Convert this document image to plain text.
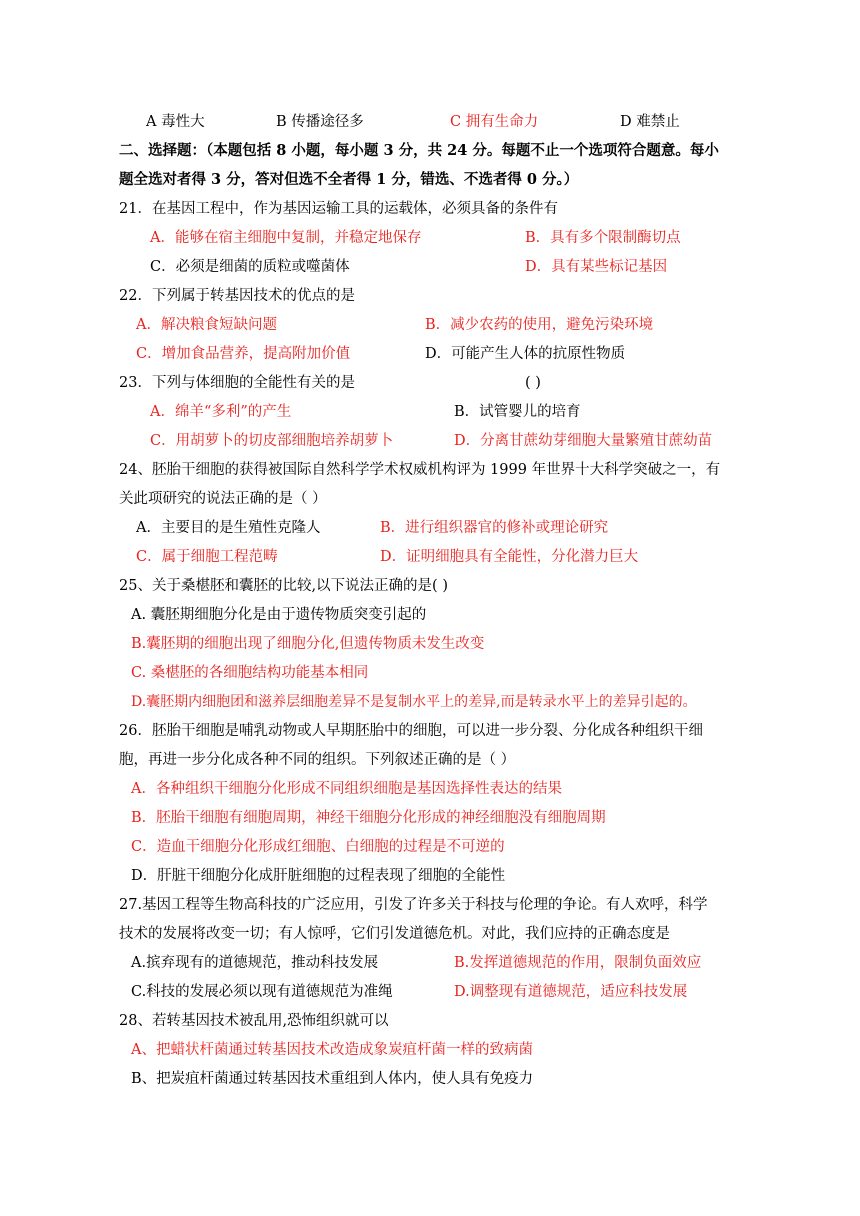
A 毒性大	B 传播途径多	C 拥有生命力	D 难禁止
二、选择题：（本题包括 8 小题，每小题 3 分，共 24 分。每题不止一个选项符合题意。每小
题全选对者得 3 分，答对但选不全者得 1 分，错选、不选者得 0 分。）
21．在基因工程中，作为基因运输工具的运载体，必须具备的条件有
A．能够在宿主细胞中复制，并稳定地保存	B．具有多个限制酶切点
C．必须是细菌的质粒或噬菌体	D．具有某些标记基因
22．下列属于转基因技术的优点的是
A．解决粮食短缺问题	B．减少农药的使用，避免污染环境
C．增加食品营养，提高附加价值	D．可能产生人体的抗原性物质
23．下列与体细胞的全能性有关的是	( )
A．绵羊“多利”的产生	B．试管婴儿的培育
C．用胡萝卜的切皮部细胞培养胡萝卜	D．分离甘蔗幼芽细胞大量繁殖甘蔗幼苗
24、胚胎干细胞的获得被国际自然科学学术权威机构评为 1999 年世界十大科学突破之一，有
关此项研究的说法正确的是（ ）
A．主要目的是生殖性克隆人	B．进行组织器官的修补或理论研究
C．属于细胞工程范畴	D．证明细胞具有全能性，分化潜力巨大
25、关于桑椹胚和囊胚的比较,以下说法正确的是( )
A. 囊胚期细胞分化是由于遗传物质突变引起的
B.囊胚期的细胞出现了细胞分化,但遗传物质未发生改变
C. 桑椹胚的各细胞结构功能基本相同
D.囊胚期内细胞团和滋养层细胞差异不是复制水平上的差异,而是转录水平上的差异引起的。
26．胚胎干细胞是哺乳动物或人早期胚胎中的细胞，可以进一步分裂、分化成各种组织干细
胞，再进一步分化成各种不同的组织。下列叙述正确的是（ ）
A．各种组织干细胞分化形成不同组织细胞是基因选择性表达的结果
B．胚胎干细胞有细胞周期，神经干细胞分化形成的神经细胞没有细胞周期
C．造血干细胞分化形成红细胞、白细胞的过程是不可逆的
D．肝脏干细胞分化成肝脏细胞的过程表现了细胞的全能性
27.基因工程等生物高科技的广泛应用，引发了许多关于科技与伦理的争论。有人欢呼，科学
技术的发展将改变一切；有人惊呼，它们引发道德危机。对此，我们应持的正确态度是
A.摈弃现有的道德规范，推动科技发展	B.发挥道德规范的作用，限制负面效应
C.科技的发展必须以现有道德规范为准绳	D.调整现有道德规范，适应科技发展
28、若转基因技术被乱用,恐怖组织就可以
A、把蜡状杆菌通过转基因技术改造成象炭疽杆菌一样的致病菌
B、把炭疽杆菌通过转基因技术重组到人体内，使人具有免疫力
